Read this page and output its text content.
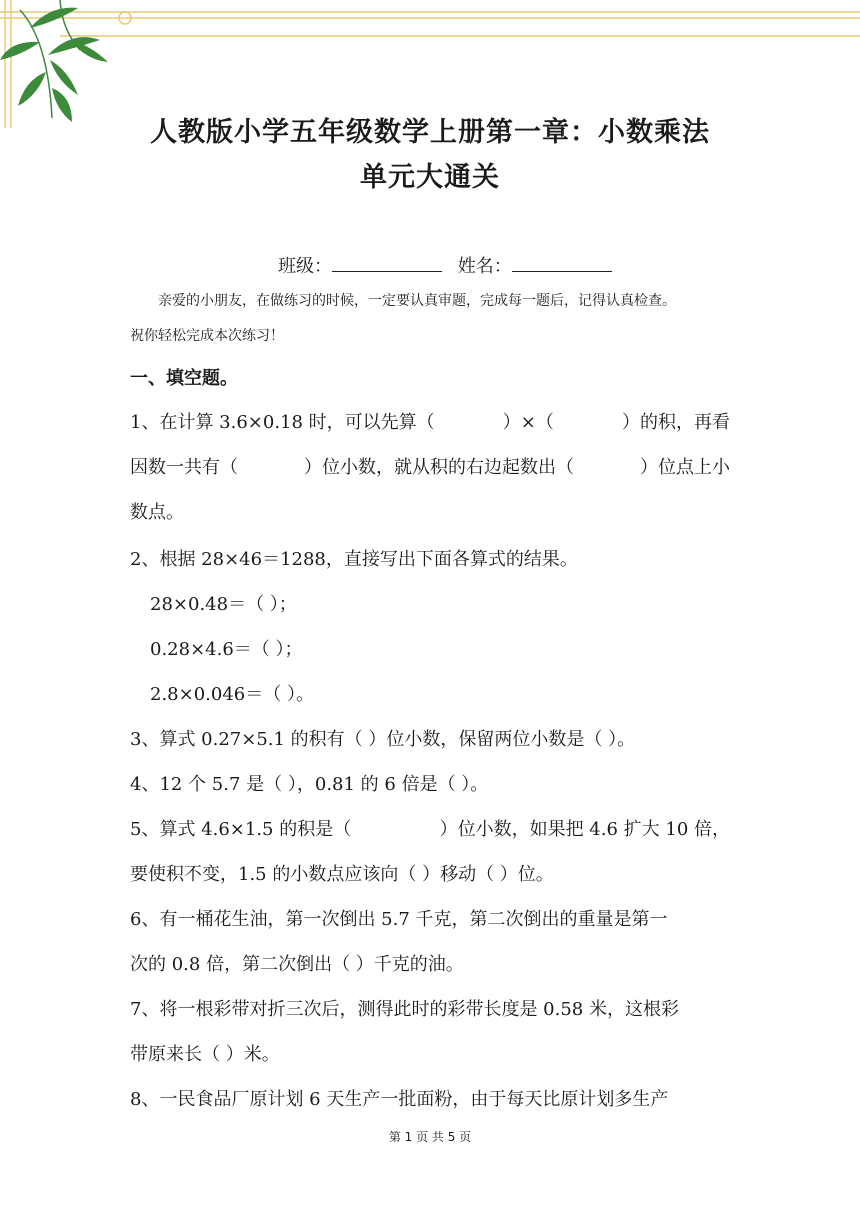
人教版小学五年级数学上册第一章：小数乘法
单元大通关
班级：	姓名：
亲爱的小朋友，在做练习的时候，一定要认真审题，完成每一题后，记得认真检查。
祝你轻松完成本次练习！
一、填空题。
1、在计算 3.6×0.18 时，可以先算（	）×（	）的积，再看
因数一共有（	）位小数，就从积的右边起数出（	）位点上小
数点。
2、根据 28×46＝1288，直接写出下面各算式的结果。
28×0.48＝（ ）；
0.28×4.6＝（ ）；
2.8×0.046＝（ ）。
3、算式 0.27×5.1 的积有（ ）位小数，保留两位小数是（ ）。
4、12 个 5.7 是（ ），0.81 的 6 倍是（ ）。
5、算式 4.6×1.5 的积是（	）位小数，如果把 4.6 扩大 10 倍，
要使积不变，1.5 的小数点应该向（ ）移动（ ）位。
6、有一桶花生油，第一次倒出 5.7 千克，第二次倒出的重量是第一
次的 0.8 倍，第二次倒出（ ）千克的油。
7、将一根彩带对折三次后，测得此时的彩带长度是 0.58 米，这根彩
带原来长（ ）米。
8、一民食品厂原计划 6 天生产一批面粉，由于每天比原计划多生产
第 1 页 共 5 页
